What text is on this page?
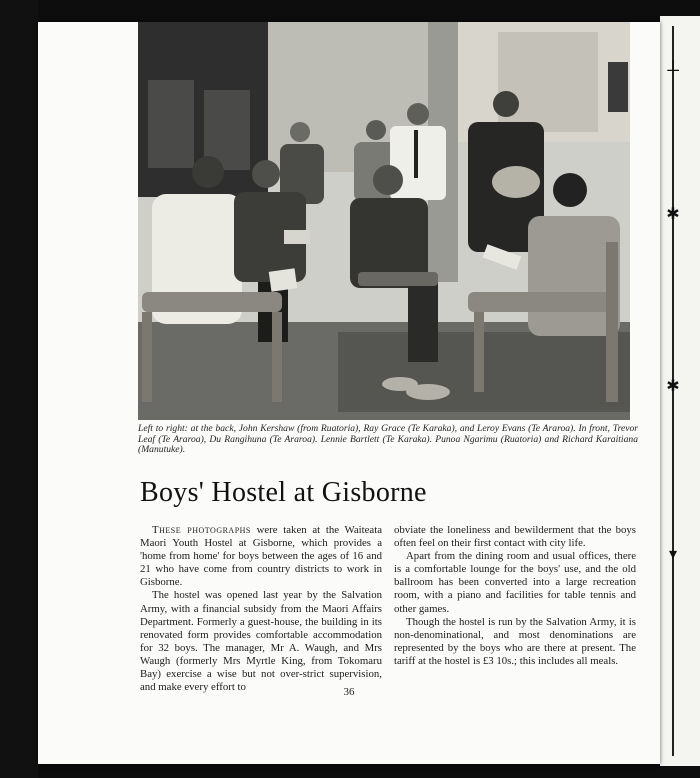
⊥
✱
✱
▾
Left to right: at the back, John Kershaw (from Ruatoria), Ray Grace (Te Karaka), and Leroy Evans (Te Araroa). In front, Trevor Leaf (Te Araroa), Du Rangihuna (Te Araroa). Lennie Bartlett (Te Karaka). Punoa Ngarimu (Ruatoria) and Richard Karaitiana (Manutuke).
Boys' Hostel at Gisborne

These photographs were taken at the Waiteata Maori Youth Hostel at Gisborne, which provides a 'home from home' for boys between the ages of 16 and 21 who have come from country districts to work in Gisborne.

The hostel was opened last year by the Salvation Army, with a financial subsidy from the Maori Affairs Department. Formerly a guest-house, the building in its renovated form provides comfortable accommodation for 32 boys. The manager, Mr A. Waugh, and Mrs Waugh (formerly Mrs Myrtle King, from Tokomaru Bay) exercise a wise but not over-strict supervision, and make every effort to

obviate the loneliness and bewilderment that the boys often feel on their first contact with city life.

Apart from the dining room and usual offices, there is a comfortable lounge for the boys' use, and the old ballroom has been converted into a large recreation room, with a piano and facilities for table tennis and other games.

Though the hostel is run by the Salvation Army, it is non-denominational, and most denominations are represented by the boys who are there at present. The tariff at the hostel is £3 10s.; this includes all meals.

36
